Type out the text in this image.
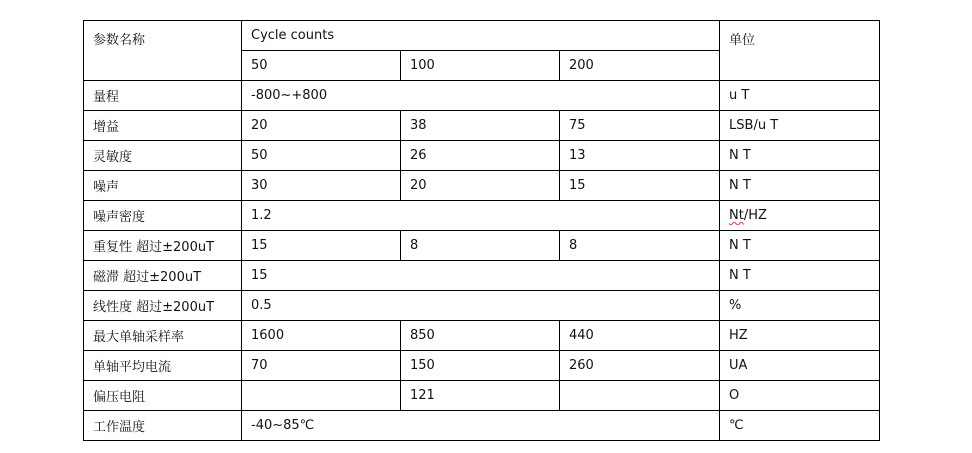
参数名称	Cycle counts			单位
	50	100	200	
量程	-800~+800			u T
增益	20	38	75	LSB/u T
灵敏度	50	26	13	N T
噪声	30	20	15	N T
噪声密度	1.2			Nt/HZ
重复性 超过±200uT	15	8	8	N T
磁滞 超过±200uT	15			N T
线性度 超过±200uT	0.5			%
最大单轴采样率	1600	850	440	HZ
单轴平均电流	70	150	260	UA
偏压电阻		121		O
工作温度	-40~85℃			℃
